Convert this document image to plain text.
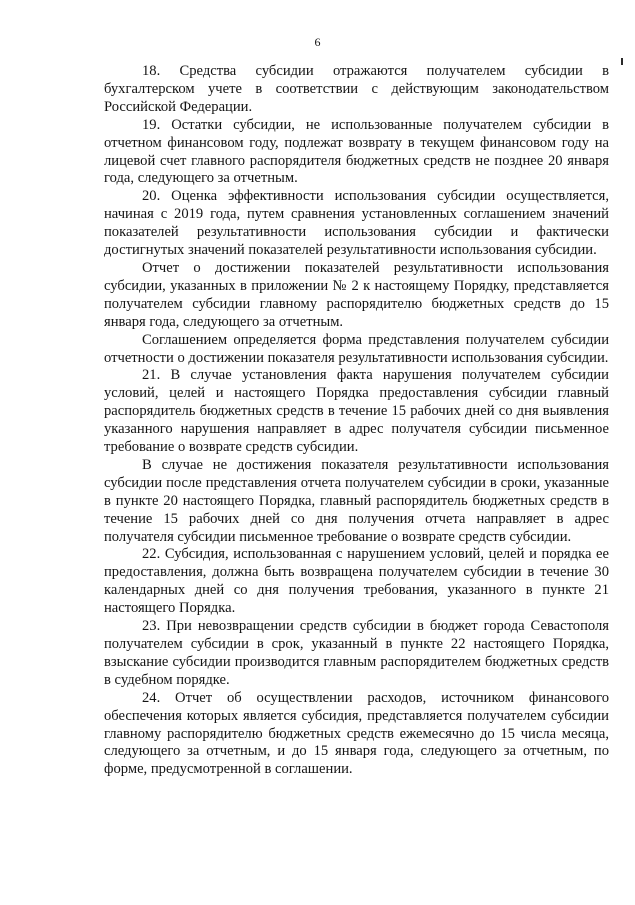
6

18. Средства субсидии отражаются получателем субсидии в бухгалтерском учете в соответствии с действующим законодательством Российской Федерации.

19. Остатки субсидии, не использованные получателем субсидии в отчетном финансовом году, подлежат возврату в текущем финансовом году на лицевой счет главного распорядителя бюджетных средств не позднее 20 января года, следующего за отчетным.

20. Оценка эффективности использования субсидии осуществляется, начиная с 2019 года, путем сравнения установленных соглашением значений показателей результативности использования субсидии и фактически достигнутых значений показателей результативности использования субсидии.

Отчет о достижении показателей результативности использования субсидии, указанных в приложении № 2 к настоящему Порядку, представляется получателем субсидии главному распорядителю бюджетных средств до 15 января года, следующего за отчетным.

Соглашением определяется форма представления получателем субсидии отчетности о достижении показателя результативности использования субсидии.

21. В случае установления факта нарушения получателем субсидии условий, целей и настоящего Порядка предоставления субсидии главный распорядитель бюджетных средств в течение 15 рабочих дней со дня выявления указанного нарушения направляет в адрес получателя субсидии письменное требование о возврате средств субсидии.

В случае не достижения показателя результативности использования субсидии после представления отчета получателем субсидии в сроки, указанные в пункте 20 настоящего Порядка, главный распорядитель бюджетных средств в течение 15 рабочих дней со дня получения отчета направляет в адрес получателя субсидии письменное требование о возврате средств субсидии.

22. Субсидия, использованная с нарушением условий, целей и порядка ее предоставления, должна быть возвращена получателем субсидии в течение 30 календарных дней со дня получения требования, указанного в пункте 21 настоящего Порядка.

23. При невозвращении средств субсидии в бюджет города Севастополя получателем субсидии в срок, указанный в пункте 22 настоящего Порядка, взыскание субсидии производится главным распорядителем бюджетных средств в судебном порядке.

24. Отчет об осуществлении расходов, источником финансового обеспечения которых является субсидия, представляется получателем субсидии главному распорядителю бюджетных средств ежемесячно до 15 числа месяца, следующего за отчетным, и до 15 января года, следующего за отчетным, по форме, предусмотренной в соглашении.
